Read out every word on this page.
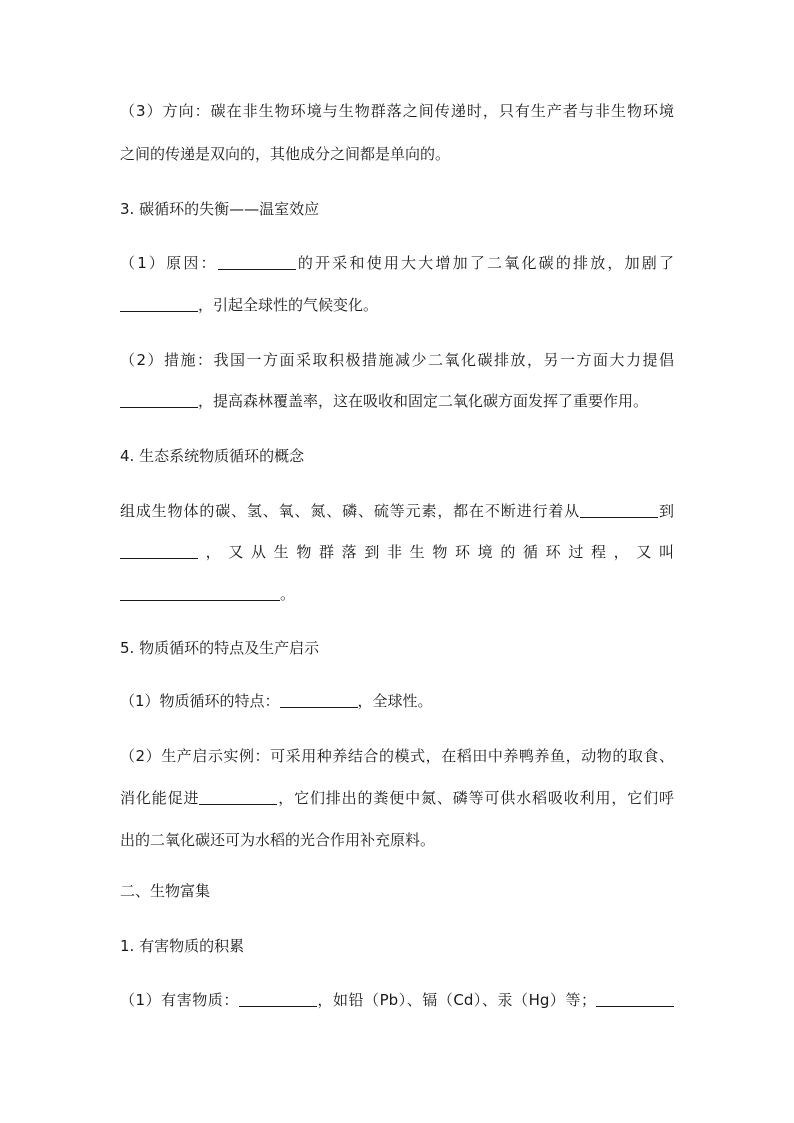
（3）方向：碳在非生物环境与生物群落之间传递时，只有生产者与非生物环境
之间的传递是双向的，其他成分之间都是单向的。
3. 碳循环的失衡——温室效应
（1）原因：	的开采和使用大大增加了二氧化碳的排放，加剧了
，引起全球性的气候变化。
（2）措施：我国一方面采取积极措施减少二氧化碳排放，另一方面大力提倡
，提高森林覆盖率，这在吸收和固定二氧化碳方面发挥了重要作用。
4. 生态系统物质循环的概念
组成生物体的碳、氢、氧、氮、磷、硫等元素，都在不断进行着从	到
，又从生物群落到非生物环境的循环过程，又叫
。
5. 物质循环的特点及生产启示
（1）物质循环的特点：	，全球性。
（2）生产启示实例：可采用种养结合的模式，在稻田中养鸭养鱼，动物的取食、
消化能促进	，它们排出的粪便中氮、磷等可供水稻吸收利用，它们呼
出的二氧化碳还可为水稻的光合作用补充原料。
二、生物富集
1. 有害物质的积累
（1）有害物质：	，如铅（Pb）、镉（Cd）、汞（Hg）等；
